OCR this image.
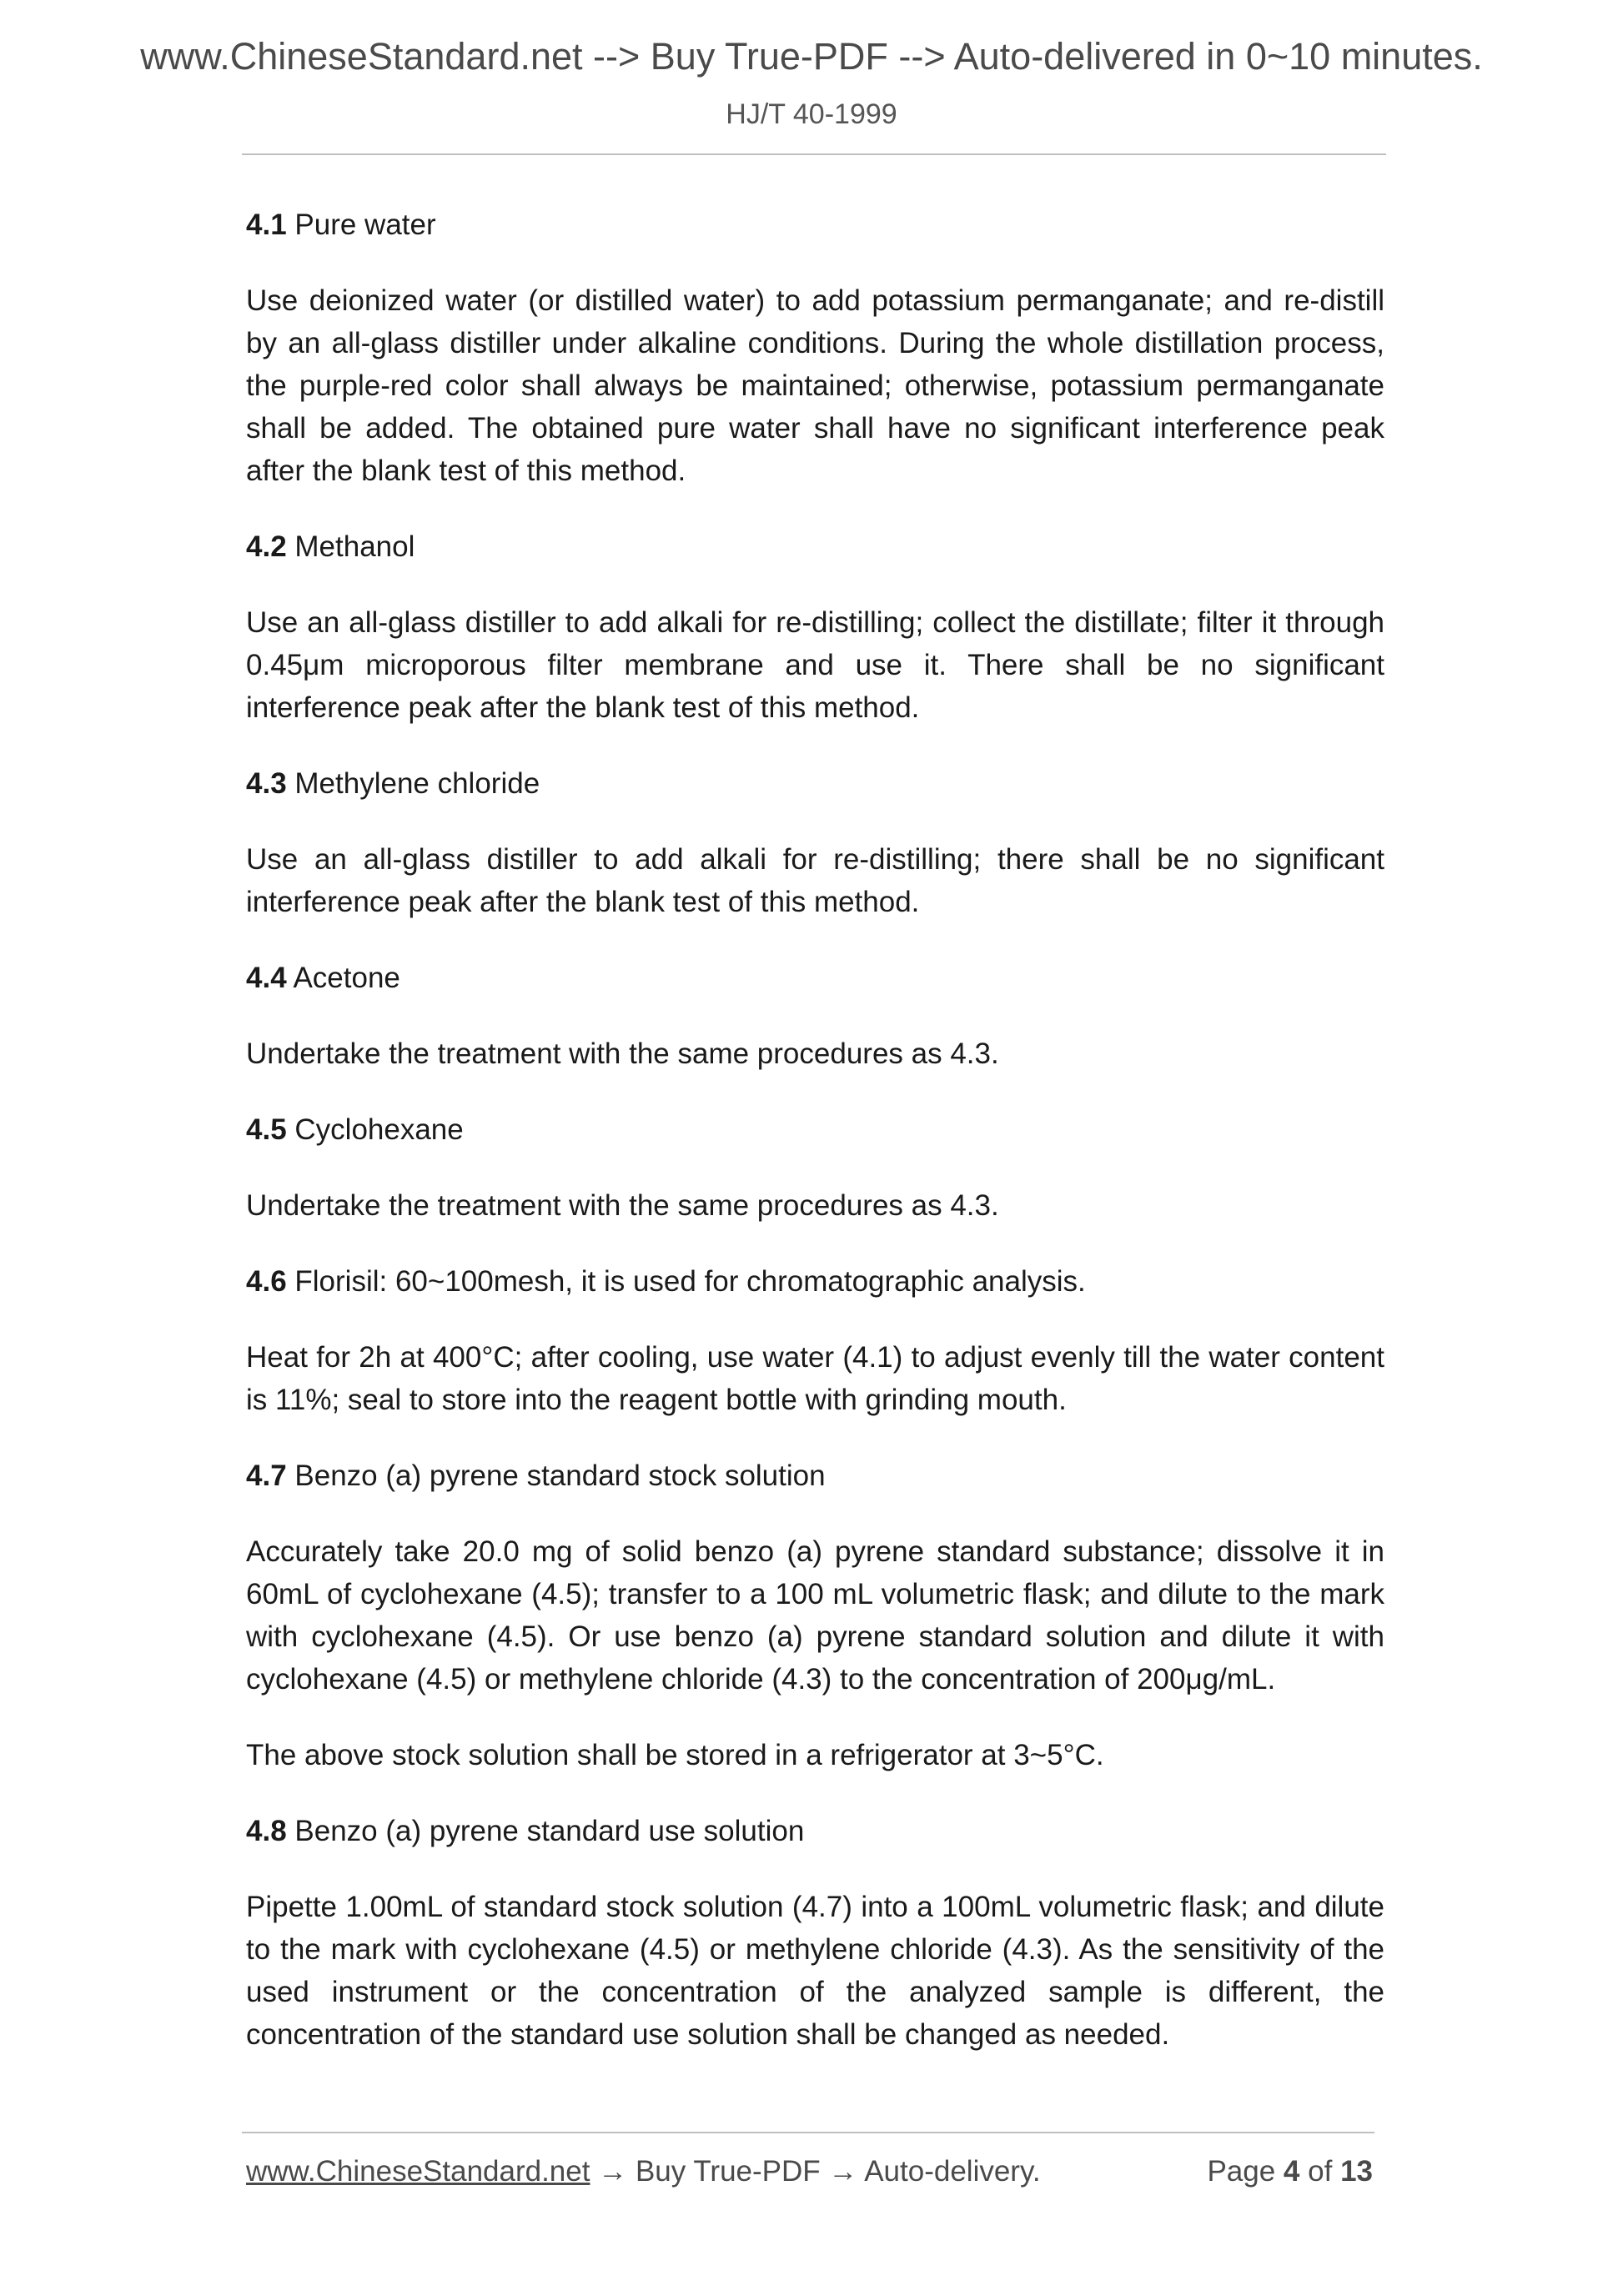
www.ChineseStandard.net --> Buy True-PDF --> Auto-delivered in 0~10 minutes.
HJ/T 40-1999

4.1 Pure water

Use deionized water (or distilled water) to add potassium permanganate; and re-distill by an all-glass distiller under alkaline conditions. During the whole distillation process, the purple-red color shall always be maintained; otherwise, potassium permanganate shall be added. The obtained pure water shall have no significant interference peak after the blank test of this method.

4.2 Methanol

Use an all-glass distiller to add alkali for re-distilling; collect the distillate; filter it through 0.45μm microporous filter membrane and use it. There shall be no significant interference peak after the blank test of this method.

4.3 Methylene chloride

Use an all-glass distiller to add alkali for re-distilling; there shall be no significant interference peak after the blank test of this method.

4.4 Acetone

Undertake the treatment with the same procedures as 4.3.

4.5 Cyclohexane

Undertake the treatment with the same procedures as 4.3.

4.6 Florisil: 60~100mesh, it is used for chromatographic analysis.

Heat for 2h at 400°C; after cooling, use water (4.1) to adjust evenly till the water content is 11%; seal to store into the reagent bottle with grinding mouth.

4.7 Benzo (a) pyrene standard stock solution

Accurately take 20.0 mg of solid benzo (a) pyrene standard substance; dissolve it in 60mL of cyclohexane (4.5); transfer to a 100 mL volumetric flask; and dilute to the mark with cyclohexane (4.5). Or use benzo (a) pyrene standard solution and dilute it with cyclohexane (4.5) or methylene chloride (4.3) to the concentration of 200μg/mL.

The above stock solution shall be stored in a refrigerator at 3~5°C.

4.8 Benzo (a) pyrene standard use solution

Pipette 1.00mL of standard stock solution (4.7) into a 100mL volumetric flask; and dilute to the mark with cyclohexane (4.5) or methylene chloride (4.3). As the sensitivity of the used instrument or the concentration of the analyzed sample is different, the concentration of the standard use solution shall be changed as needed.

www.ChineseStandard.net → Buy True-PDF → Auto-delivery.	Page 4 of 13
